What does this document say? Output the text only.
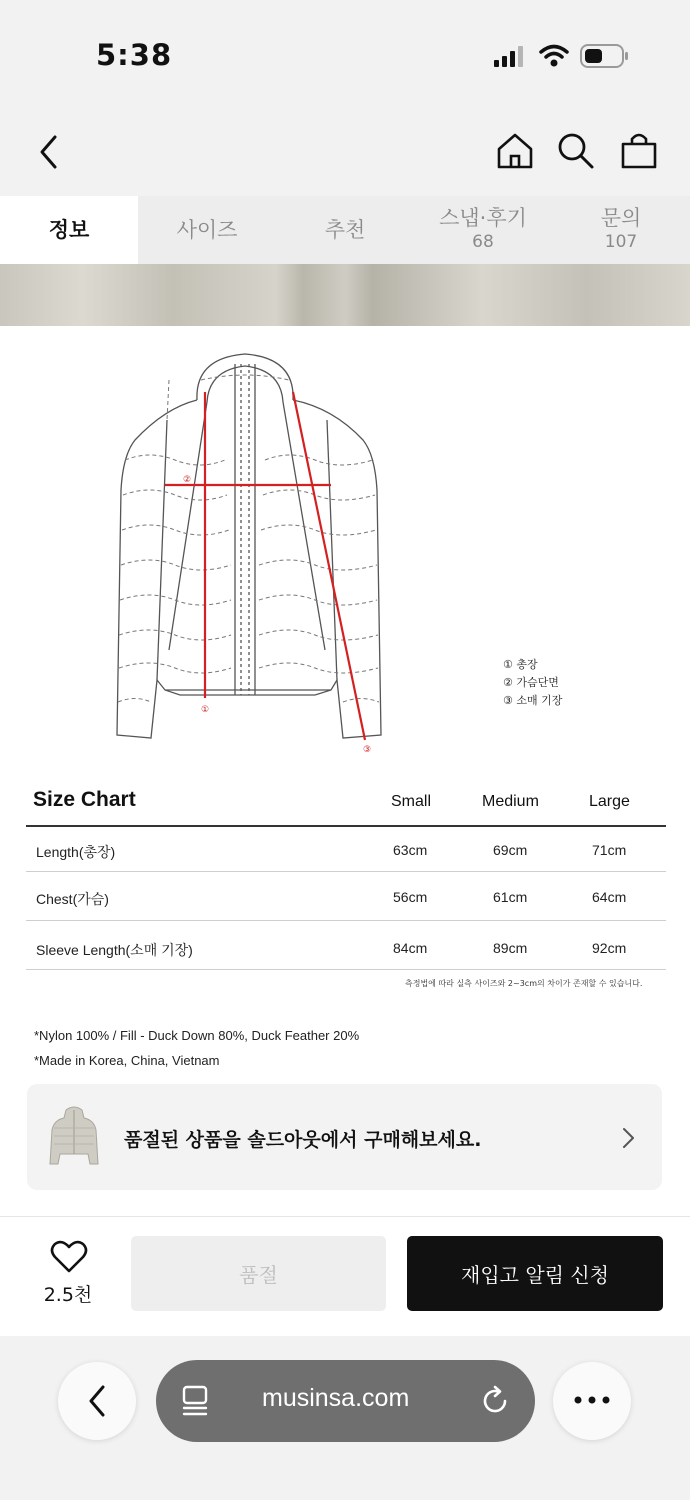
5:38
정보	사이즈	추천	스냅·후기
68
문의
107
①
②
③
① 총장
② 가슴단면
③ 소매 기장
Size Chart	Small	Medium	Large
Length(총장)	63cm	69cm	71cm
Chest(가슴)	56cm	61cm	64cm
Sleeve Length(소매 기장)	84cm	89cm	92cm
측정법에 따라 실측 사이즈와 2~3cm의 차이가 존재할 수 있습니다.
*Nylon 100% / Fill - Duck Down 80%, Duck Feather 20%
*Made in Korea, China, Vietnam
품절된 상품을 솔드아웃에서 구매해보세요.
2.5천
품절	재입고 알림 신청
musinsa.com
